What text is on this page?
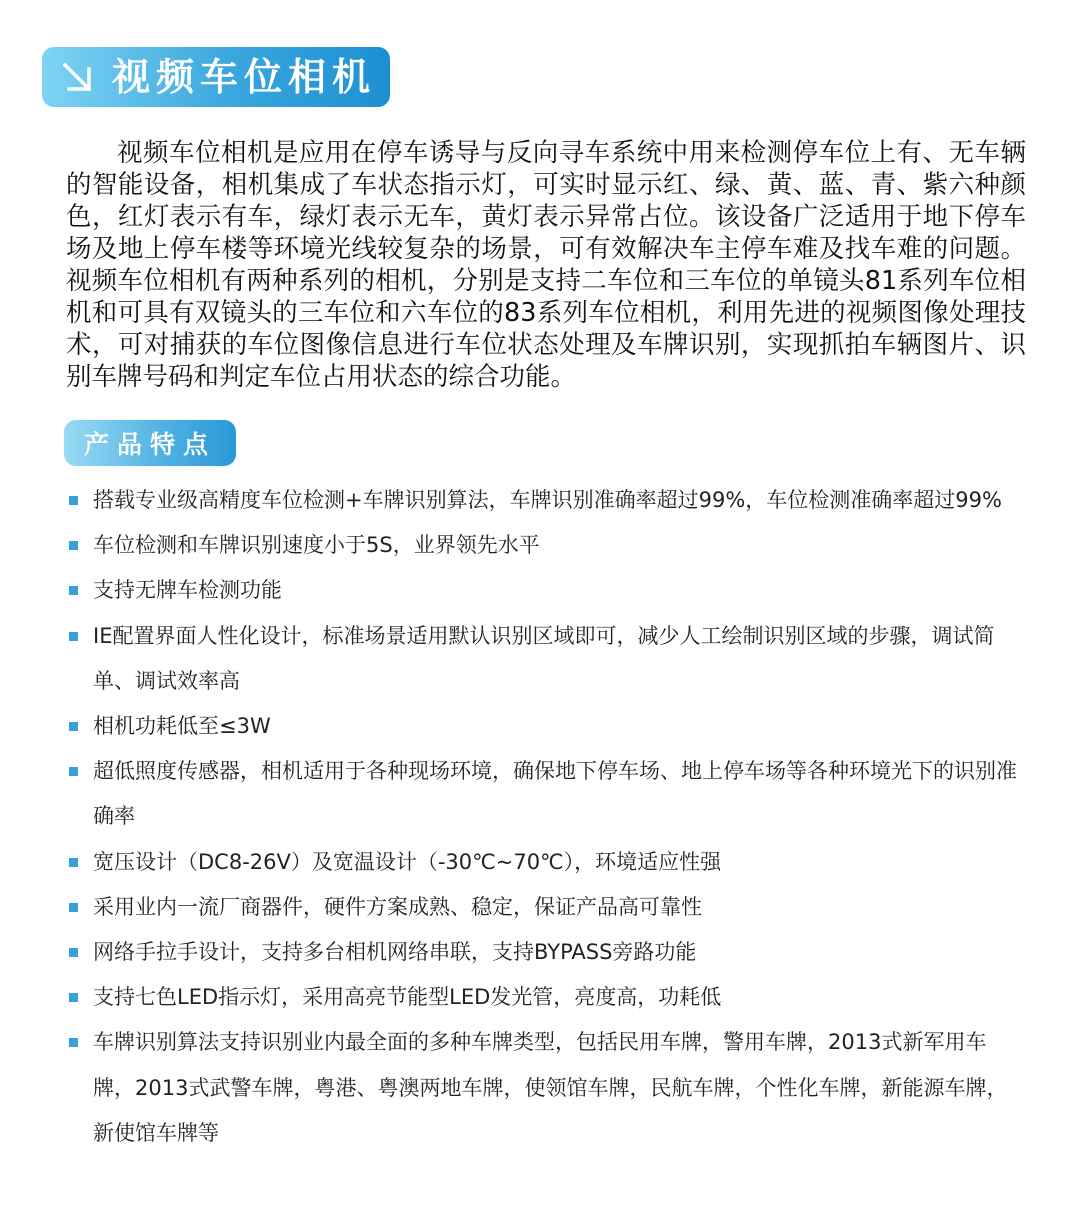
视频车位相机

视频车位相机是应用在停车诱导与反向寻车系统中用来检测停车位上有、无车辆的智能设备，相机集成了车状态指示灯，可实时显示红、绿、黄、蓝、青、紫六种颜色，红灯表示有车，绿灯表示无车，黄灯表示异常占位。该设备广泛适用于地下停车场及地上停车楼等环境光线较复杂的场景，可有效解决车主停车难及找车难的问题。视频车位相机有两种系列的相机，分别是支持二车位和三车位的单镜头81系列车位相机和可具有双镜头的三车位和六车位的83系列车位相机，利用先进的视频图像处理技术，可对捕获的车位图像信息进行车位状态处理及车牌识别，实现抓拍车辆图片、识别车牌号码和判定车位占用状态的综合功能。

产品特点
搭载专业级高精度车位检测+车牌识别算法，车牌识别准确率超过99%，车位检测准确率超过99%
车位检测和车牌识别速度小于5S，业界领先水平
支持无牌车检测功能
IE配置界面人性化设计，标准场景适用默认识别区域即可，减少人工绘制识别区域的步骤，调试简单、调试效率高
相机功耗低至≤3W
超低照度传感器，相机适用于各种现场环境，确保地下停车场、地上停车场等各种环境光下的识别准确率
宽压设计（DC8-26V）及宽温设计（-30℃~70℃），环境适应性强
采用业内一流厂商器件，硬件方案成熟、稳定，保证产品高可靠性
网络手拉手设计，支持多台相机网络串联，支持BYPASS旁路功能
支持七色LED指示灯，采用高亮节能型LED发光管，亮度高，功耗低
车牌识别算法支持识别业内最全面的多种车牌类型，包括民用车牌，警用车牌，2013式新军用车牌，2013式武警车牌，粤港、粤澳两地车牌，使领馆车牌，民航车牌，个性化车牌，新能源车牌，新使馆车牌等
